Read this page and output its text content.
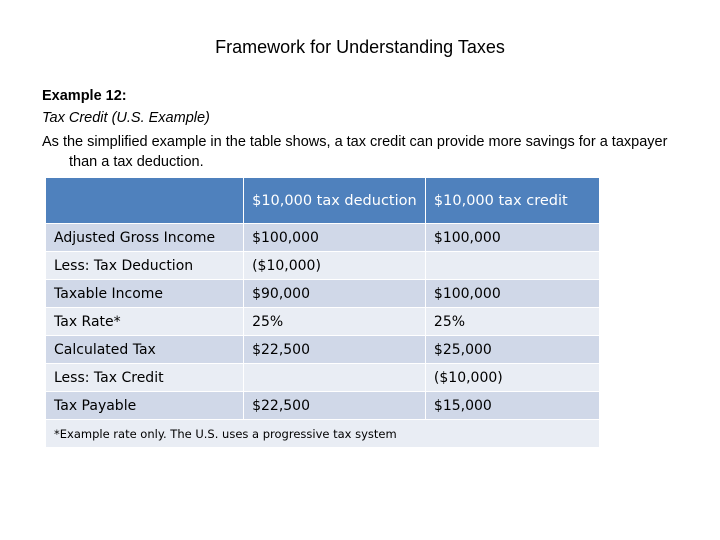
Framework for Understanding Taxes
Example 12:
Tax Credit (U.S. Example)
As the simplified example in the table shows, a tax credit can provide more savings for a taxpayer than a tax deduction.
	$10,000 tax deduction	$10,000 tax credit
Adjusted Gross Income	$100,000	$100,000
Less: Tax Deduction	($10,000)	
Taxable Income	$90,000	$100,000
Tax Rate*	25%	25%
Calculated Tax	$22,500	$25,000
Less: Tax Credit		($10,000)
Tax Payable	$22,500	$15,000
*Example rate only. The U.S. uses a progressive tax system		
